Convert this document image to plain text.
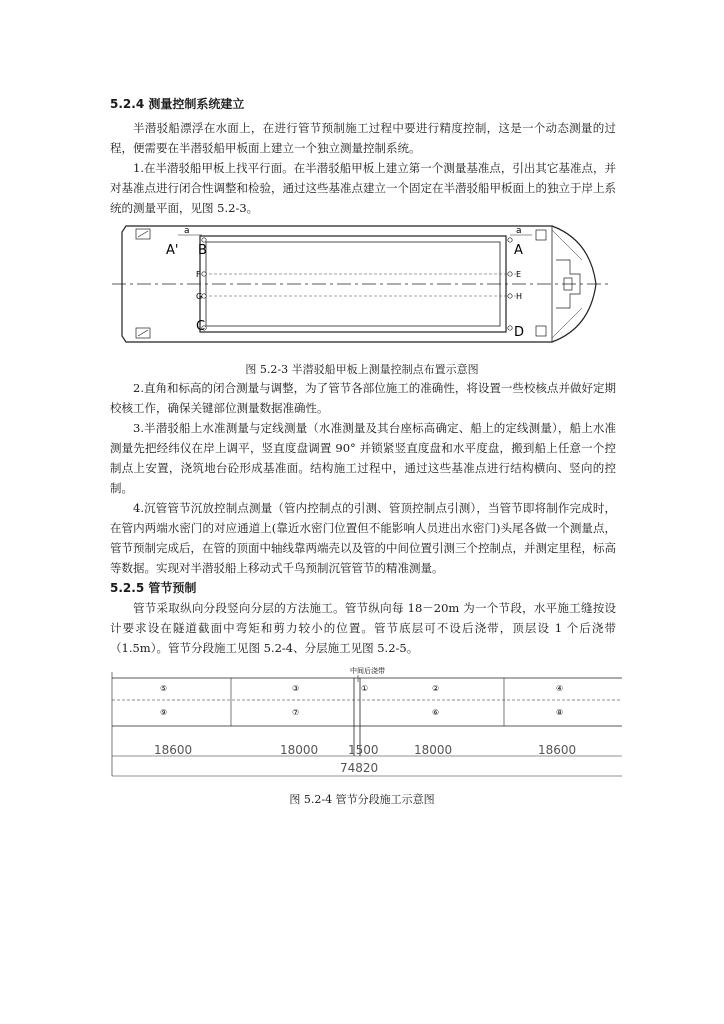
5.2.4 测量控制系统建立

半潜驳船漂浮在水面上，在进行管节预制施工过程中要进行精度控制，这是一个动态测量的过程，便需要在半潜驳船甲板面上建立一个独立测量控制系统。

1.在半潜驳船甲板上找平行面。在半潜驳船甲板上建立第一个测量基准点，引出其它基准点，并对基准点进行闭合性调整和检验，通过这些基准点建立一个固定在半潜驳船甲板面上的独立于岸上系统的测量平面，见图 5.2-3。

a
A' B	A
a
F	E
G	H
C	D
图 5.2-3 半潜驳船甲板上测量控制点布置示意图

2.直角和标高的闭合测量与调整，为了管节各部位施工的准确性，将设置一些校核点并做好定期校核工作，确保关键部位测量数据准确性。

3.半潜驳船上水准测量与定线测量（水准测量及其台座标高确定、船上的定线测量），船上水准测量先把经纬仪在岸上调平，竖直度盘调置 90° 并锁紧竖直度盘和水平度盘，搬到船上任意一个控制点上安置，浇筑地台砼形成基准面。结构施工过程中，通过这些基准点进行结构横向、竖向的控制。

4.沉管管节沉放控制点测量（管内控制点的引测、管顶控制点引测），当管节即将制作完成时，在管内两端水密门的对应通道上(靠近水密门位置但不能影响人员进出水密门)头尾各做一个测量点，管节预制完成后，在管的顶面中轴线靠两端壳以及管的中间位置引测三个控制点，并测定里程，标高等数据。实现对半潜驳船上移动式千鸟预制沉管管节的精准测量。

5.2.5 管节预制

管节采取纵向分段竖向分层的方法施工。管节纵向每 18－20m 为一个节段，水平施工缝按设计要求设在隧道截面中弯矩和剪力较小的位置。管节底层可不设后浇带，顶层设 1 个后浇带（1.5m）。管节分段施工见图 5.2-4、分层施工见图 5.2-5。

中间后浇带
⑤	③	①	②	④
⑨	⑦	⑥	⑧
18600	18000 1500	18000	18600
74820
图 5.2-4 管节分段施工示意图
